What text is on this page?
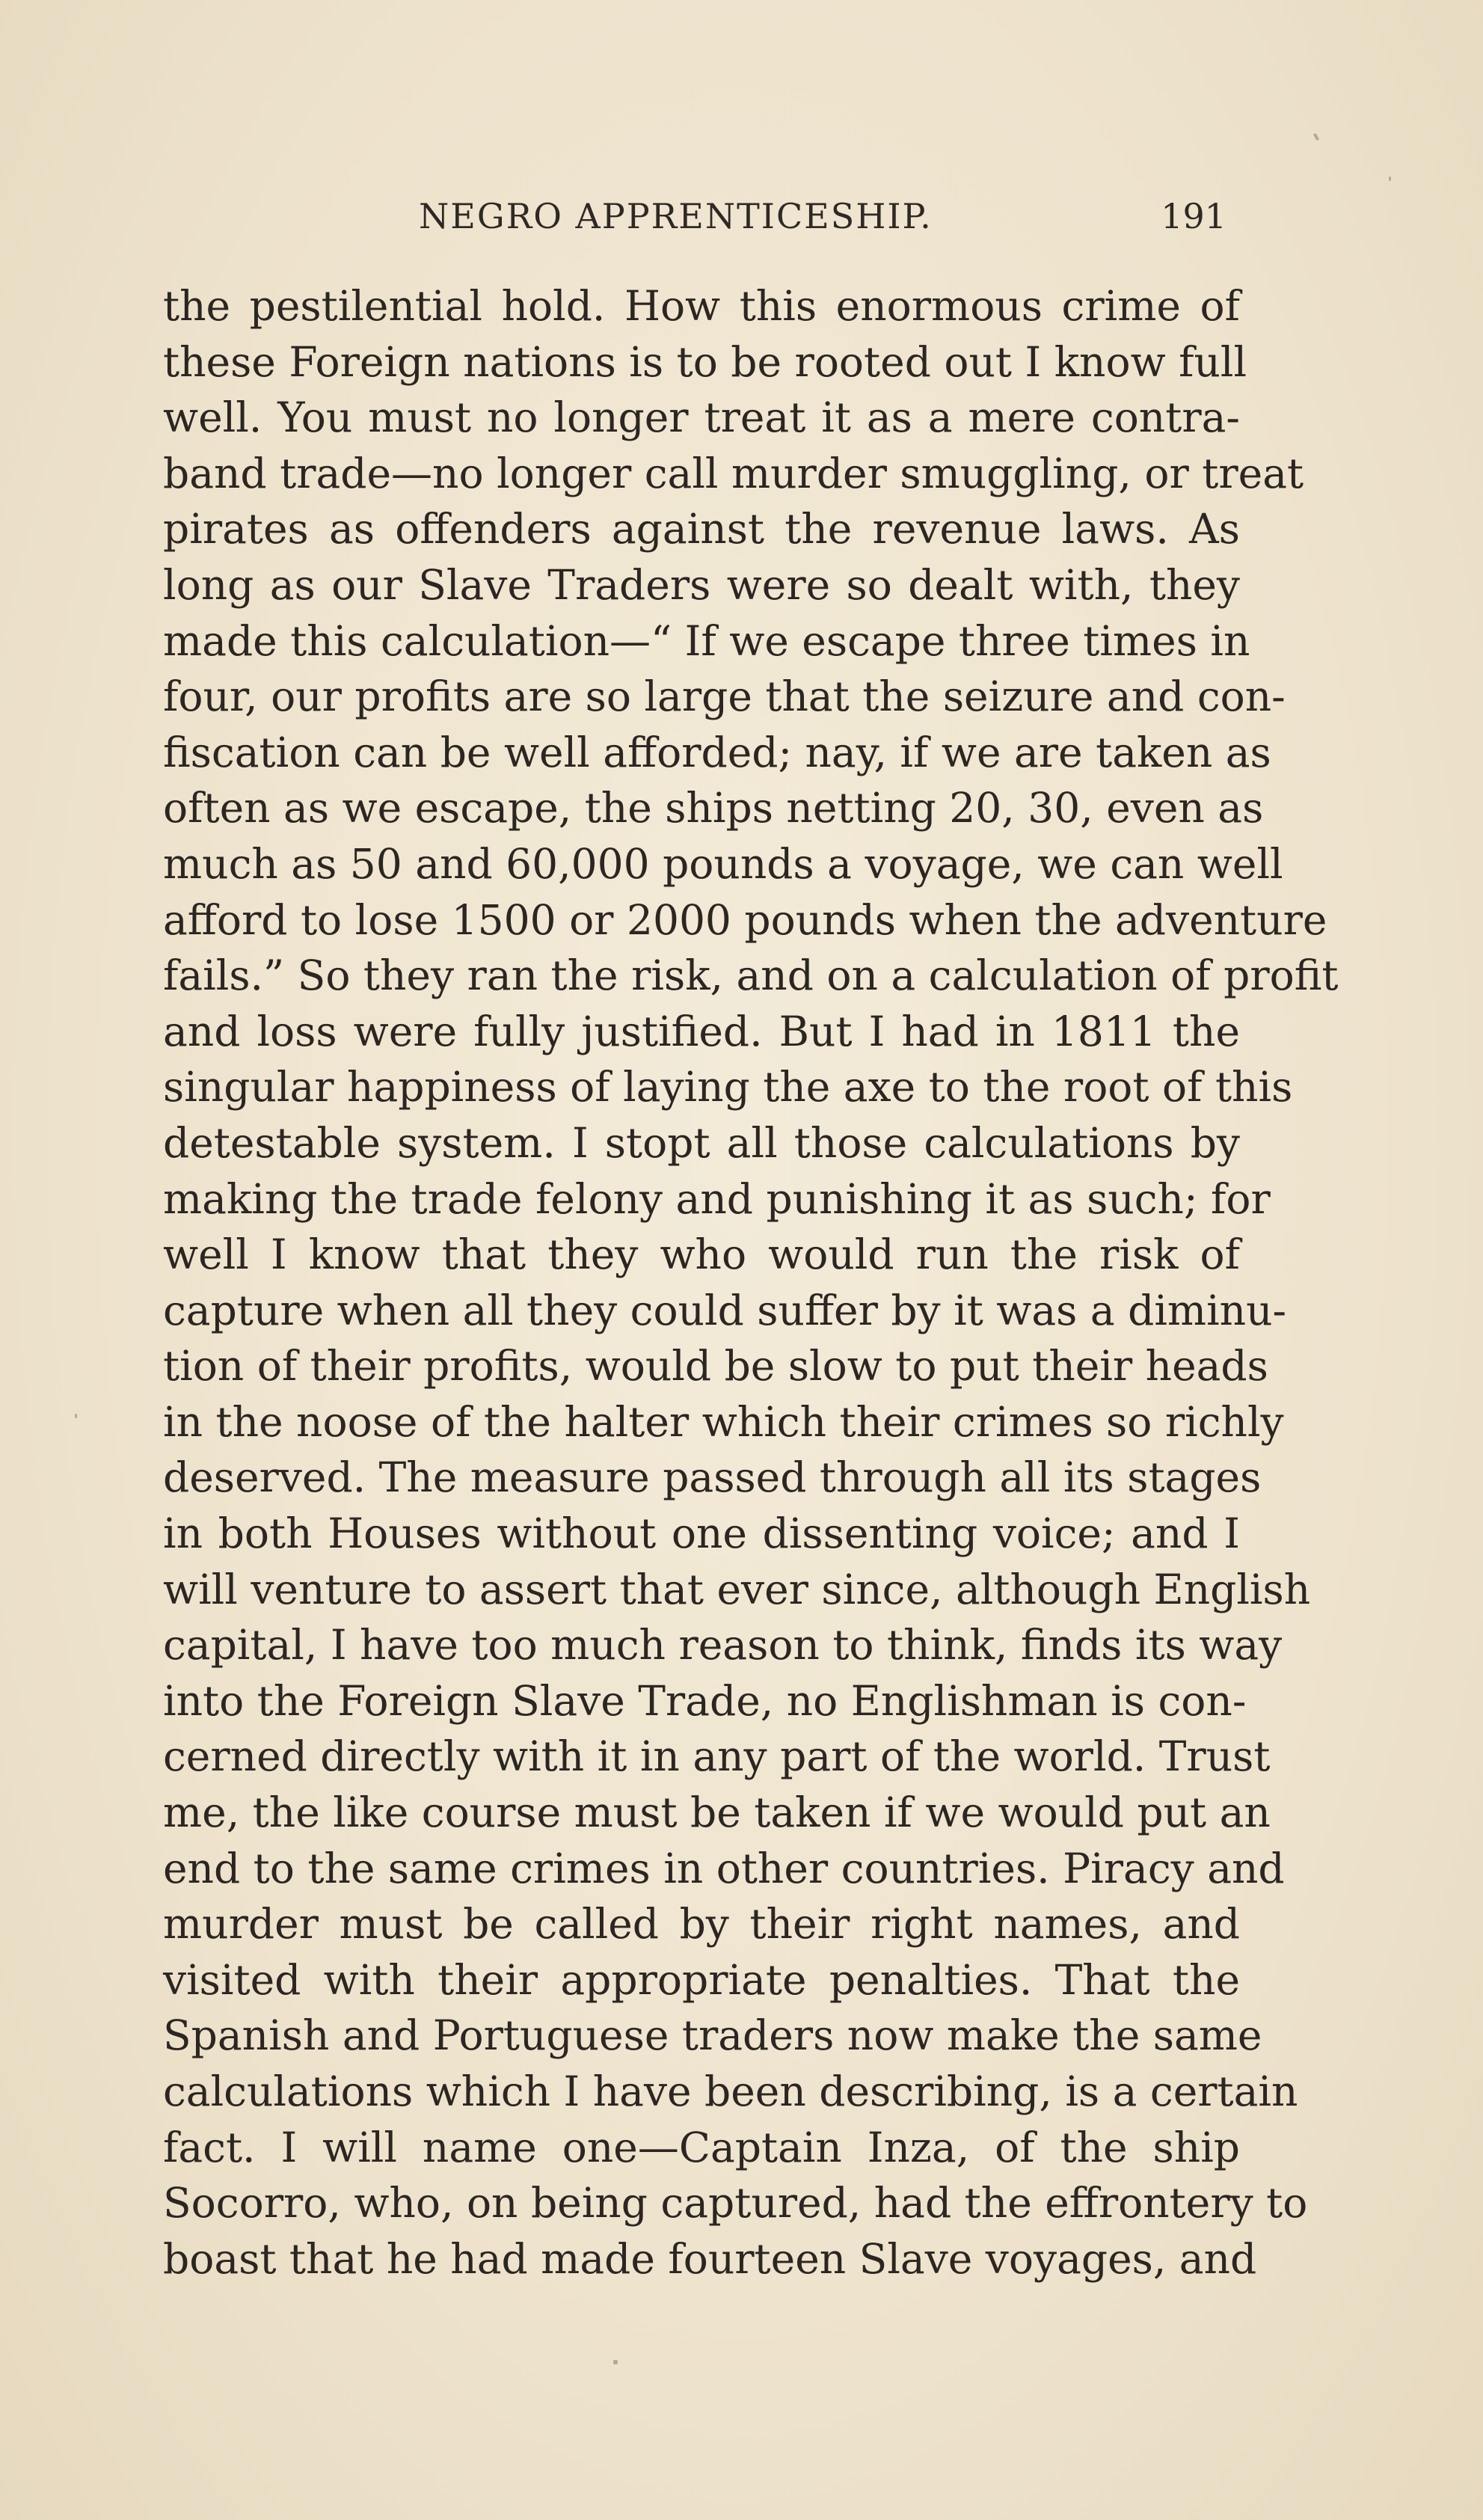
NEGRO APPRENTICESHIP.	191
the pestilential hold. How this enormous crime of
these Foreign nations is to be rooted out I know full
well. You must no longer treat it as a mere contra-
band trade—no longer call murder smuggling, or treat
pirates as offenders against the revenue laws. As
long as our Slave Traders were so dealt with, they
made this calculation—“ If we escape three times in
four, our profits are so large that the seizure and con-
fiscation can be well afforded; nay, if we are taken as
often as we escape, the ships netting 20, 30, even as
much as 50 and 60,000 pounds a voyage, we can well
afford to lose 1500 or 2000 pounds when the adventure
fails.” So they ran the risk, and on a calculation of profit
and loss were fully justified. But I had in 1811 the
singular happiness of laying the axe to the root of this
detestable system. I stopt all those calculations by
making the trade felony and punishing it as such; for
well I know that they who would run the risk of
capture when all they could suffer by it was a diminu-
tion of their profits, would be slow to put their heads
in the noose of the halter which their crimes so richly
deserved. The measure passed through all its stages
in both Houses without one dissenting voice; and I
will venture to assert that ever since, although English
capital, I have too much reason to think, finds its way
into the Foreign Slave Trade, no Englishman is con-
cerned directly with it in any part of the world. Trust
me, the like course must be taken if we would put an
end to the same crimes in other countries. Piracy and
murder must be called by their right names, and
visited with their appropriate penalties. That the
Spanish and Portuguese traders now make the same
calculations which I have been describing, is a certain
fact. I will name one—Captain Inza, of the ship
Socorro, who, on being captured, had the effrontery to
boast that he had made fourteen Slave voyages, and
